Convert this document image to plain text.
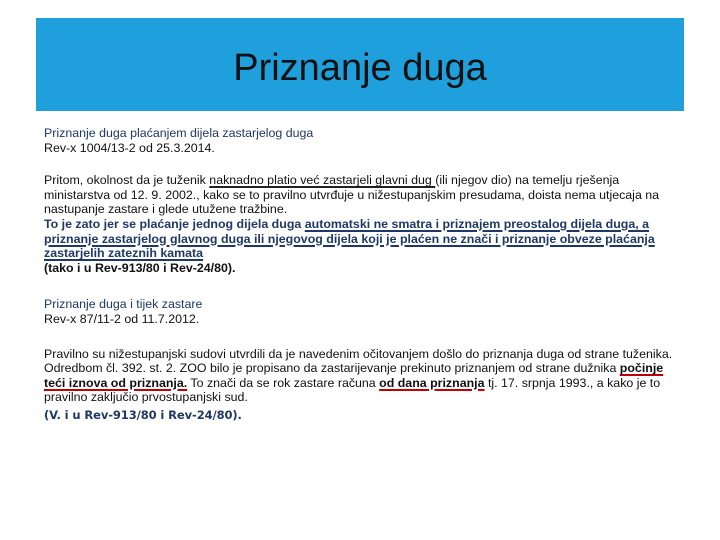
Priznanje duga

Priznanje duga plaćanjem dijela zastarjelog duga

Rev-x 1004/13-2 od 25.3.2014.

Pritom, okolnost da je tuženik naknadno platio već zastarjeli glavni dug (ili njegov dio) na temelju rješenja ministarstva od 12. 9. 2002., kako se to pravilno utvrđuje u nižestupanjskim presudama, doista nema utjecaja na nastupanje zastare i glede utužene tražbine.

To je zato jer se plaćanje jednog dijela duga automatski ne smatra i priznajem preostalog dijela duga, a priznanje zastarjelog glavnog duga ili njegovog dijela koji je plaćen ne znači i priznanje obveze plaćanja zastarjelih zateznih kamata

(tako i u Rev-913/80 i Rev-24/80).

Priznanje duga i tijek zastare

Rev-x 87/11-2 od 11.7.2012.

Pravilno su nižestupanjski sudovi utvrdili da je navedenim očitovanjem došlo do priznanja duga od strane tuženika. Odredbom čl. 392. st. 2. ZOO bilo je propisano da zastarijevanje prekinuto priznanjem od strane dužnika počinje teći iznova od priznanja. To znači da se rok zastare računa od dana priznanja tj. 17. srpnja 1993., a kako je to pravilno zaključio prvostupanjski sud.

(V. i u Rev-913/80 i Rev-24/80).
